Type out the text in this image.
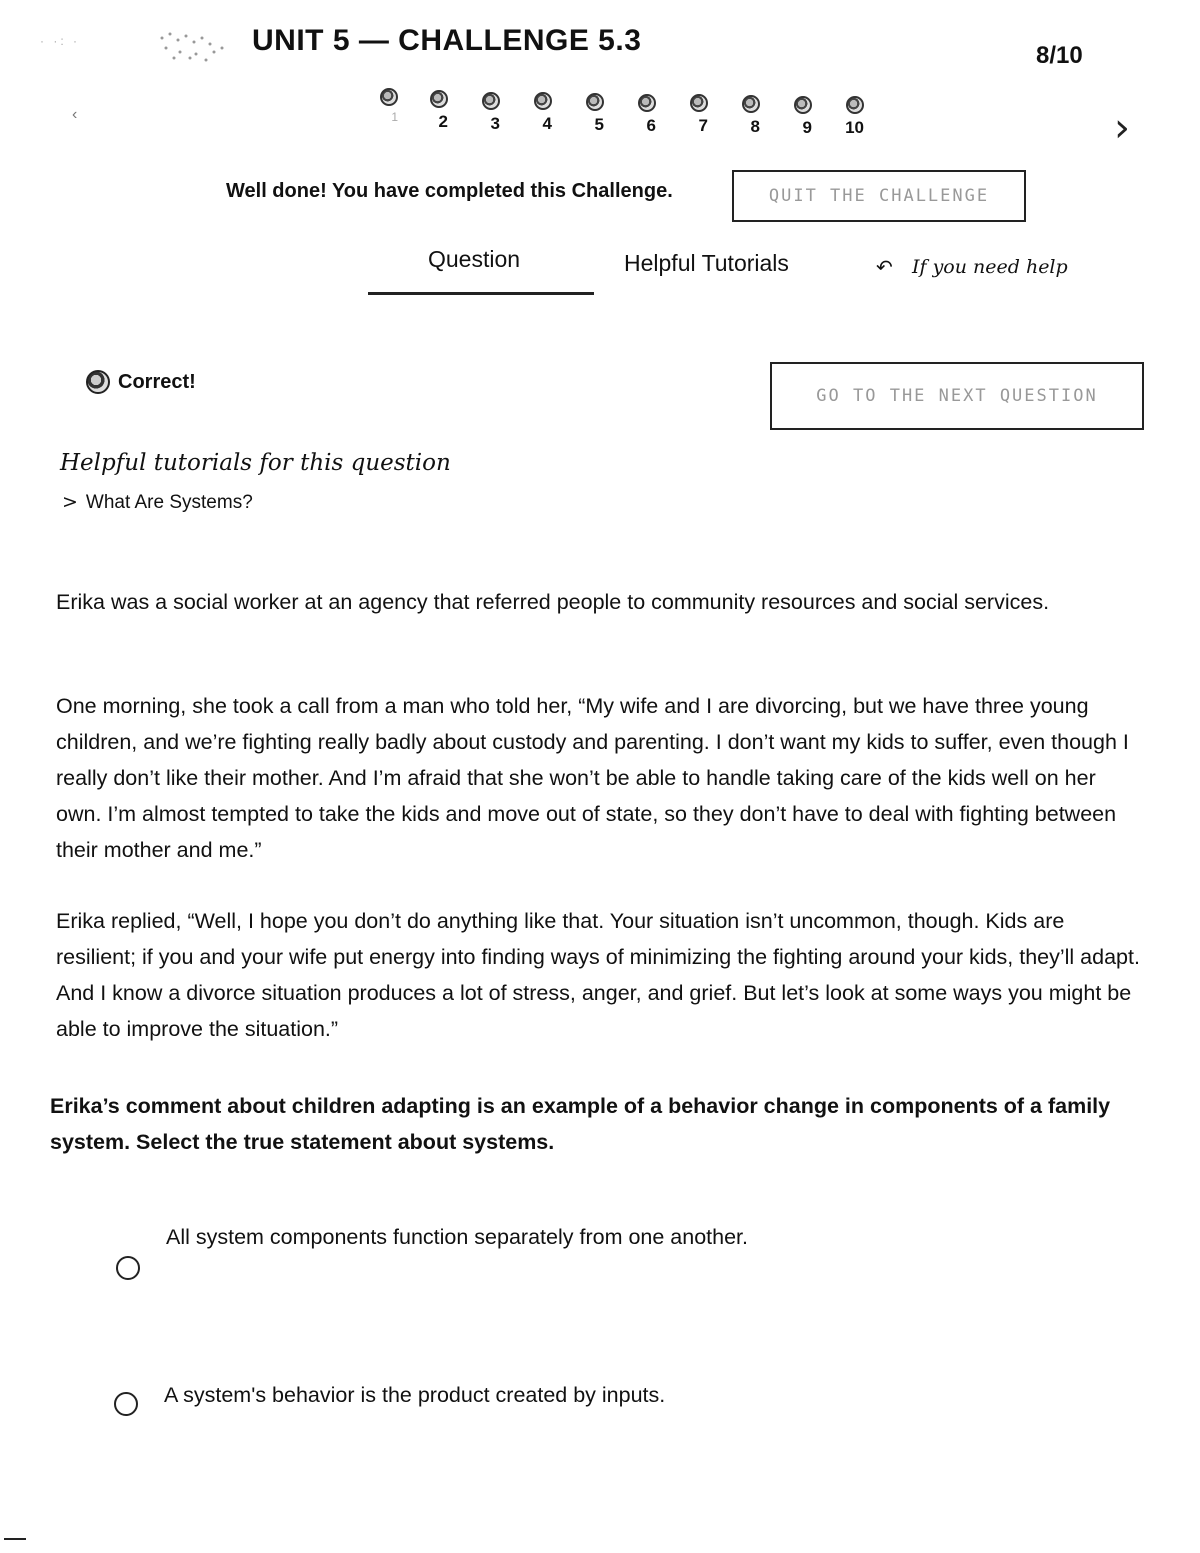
· ·: ·	UNIT 5 — CHALLENGE 5.3	8/10
‹	1	2	3	4	5	6	7	8	9	10	›
Well done! You have completed this Challenge.	QUIT THE CHALLENGE
Question	Helpful Tutorials	↶ If you need help
Correct!
GO TO THE NEXT QUESTION
Helpful tutorials for this question
> What Are Systems?
Erika was a social worker at an agency that referred people to community resources and social services.
One morning, she took a call from a man who told her, “My wife and I are divorcing, but we have three young children, and we’re fighting really badly about custody and parenting. I don’t want my kids to suffer, even though I really don’t like their mother. And I’m afraid that she won’t be able to handle taking care of the kids well on her own. I’m almost tempted to take the kids and move out of state, so they don’t have to deal with fighting between their mother and me.”
Erika replied, “Well, I hope you don’t do anything like that. Your situation isn’t uncommon, though. Kids are resilient; if you and your wife put energy into finding ways of minimizing the fighting around your kids, they’ll adapt. And I know a divorce situation produces a lot of stress, anger, and grief. But let’s look at some ways you might be able to improve the situation.”
Erika’s comment about children adapting is an example of a behavior change in components of a family system. Select the true statement about systems.
All system components function separately from one another.
A system's behavior is the product created by inputs.
